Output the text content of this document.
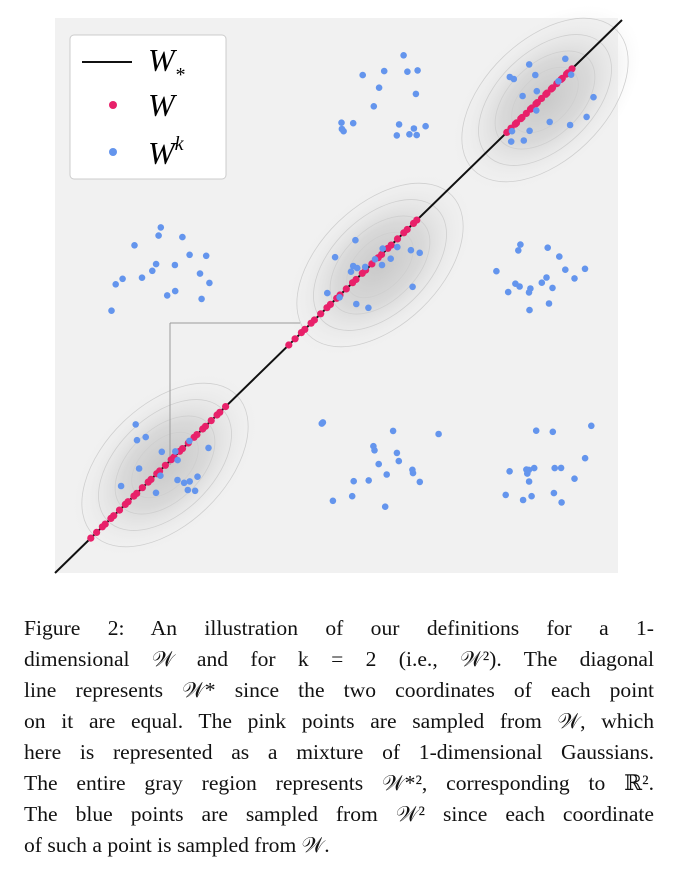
$W_*$
W
$W^k$

Figure 2: An illustration of our definitions for a 1-
dimensional 𝒲 and for k = 2 (i.e., 𝒲²). The diagonal
line represents 𝒲* since the two coordinates of each point
on it are equal. The pink points are sampled from 𝒲, which
here is represented as a mixture of 1-dimensional Gaussians.
The entire gray region represents 𝒲*², corresponding to ℝ².
The blue points are sampled from 𝒲² since each coordinate
of such a point is sampled from 𝒲.
